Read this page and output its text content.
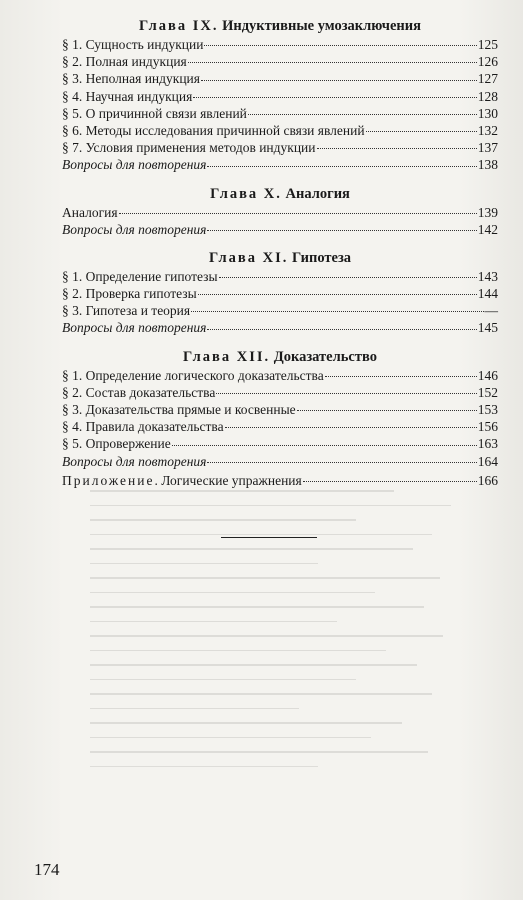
Глава IX. Индуктивные умозаключения
§ 1. Сущность индукции	125
§ 2. Полная индукция	126
§ 3. Неполная индукция	127
§ 4. Научная индукция	128
§ 5. О причинной связи явлений	130
§ 6. Методы исследования причинной связи явлений	132
§ 7. Условия применения методов индукции	137
Вопросы для повторения	138
Глава X. Аналогия
Аналогия	139
Вопросы для повторения	142
Глава XI. Гипотеза
§ 1. Определение гипотезы	143
§ 2. Проверка гипотезы	144
§ 3. Гипотеза и теория	—
Вопросы для повторения	145
Глава XII. Доказательство
§ 1. Определение логического доказательства	146
§ 2. Состав доказательства	152
§ 3. Доказательства прямые и косвенные	153
§ 4. Правила доказательства	156
§ 5. Опровержение	163
Вопросы для повторения	164
Приложение. Логические упражнения	166
174
